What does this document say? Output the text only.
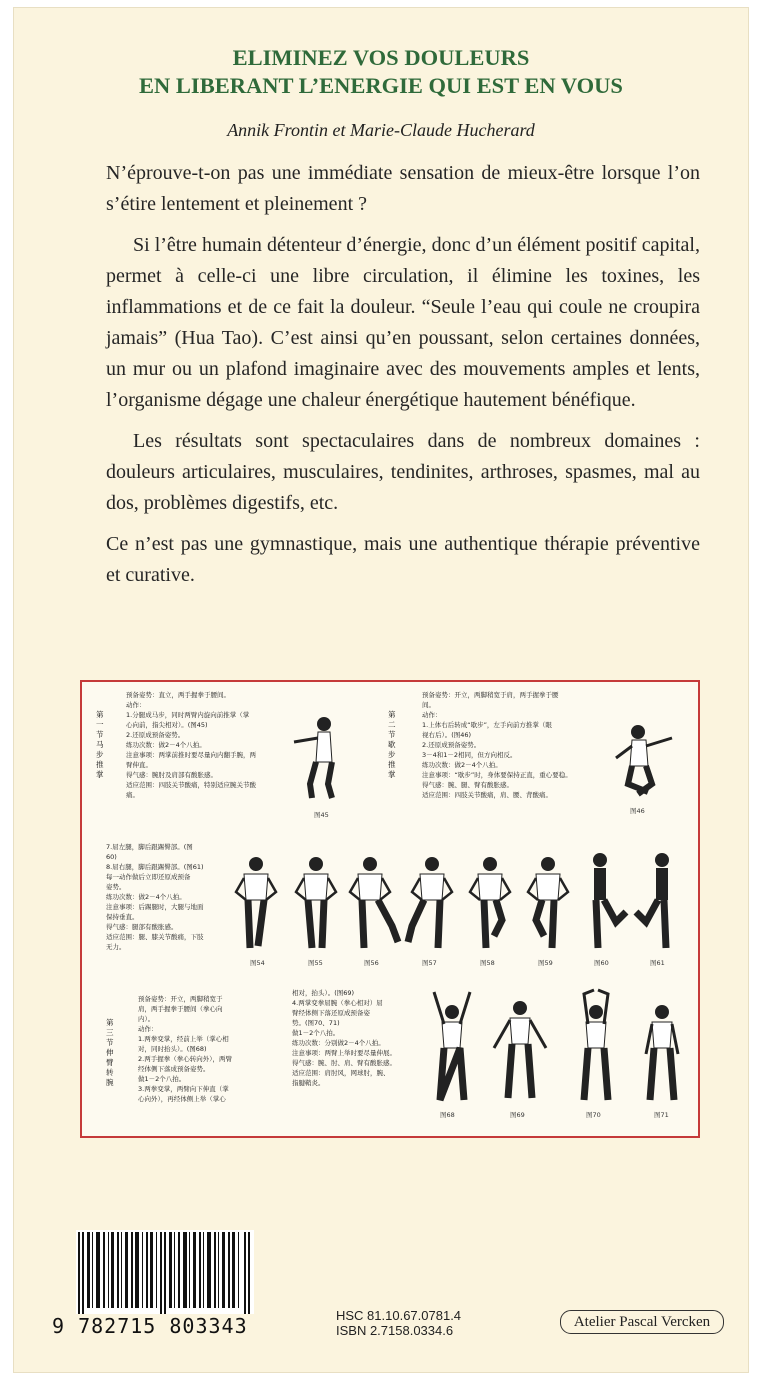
ELIMINEZ VOS DOULEURS
EN LIBERANT L’ENERGIE QUI EST EN VOUS
Annik Frontin et Marie-Claude Hucherard

N’éprouve-t-on pas une immédiate sensation de mieux-être lorsque l’on s’étire lentement et pleinement ?

Si l’être humain détenteur d’énergie, donc d’un élément positif capital, permet à celle-ci une libre circulation, il élimine les toxines, les inflammations et de ce fait la douleur. “Seule l’eau qui coule ne croupira jamais” (Hua Tao). C’est ainsi qu’en poussant, selon certaines données, un mur ou un plafond imaginaire avec des mouvements amples et lents, l’organisme dégage une chaleur énergétique hautement bénéfique.

Les résultats sont spectaculaires dans de nombreux domaines : douleurs articulaires, musculaires, tendinites, arthroses, spasmes, mal au dos, problèmes digestifs, etc.

Ce n’est pas une gymnastique, mais une authentique thérapie préventive et curative.

第一节 马步推掌
预备姿势：直立，两手握拳于腰间。
动作：
1.分腿成马步，同时两臂内旋向前推掌（掌
心向前，指尖相对）。(图45)
2.还原成预备姿势。
练功次数：做2－4个八拍。
注意事项：两掌前推时要尽量向内翻手腕，两
臂伸直。
得气感：腕肘及肩部有酸胀感。
适应范围：四肢关节酸痛，特别适应腕关节酸
痛。
图45
第二节 歇步推掌
预备姿势：开立，两脚稍宽于肩，两手握拳于腰
间。
动作：
1.上体右后转成“歇步”，左手向前方推掌（眼
视右后）。(图46)
2.还原成预备姿势。
3－4和1－2相同，但方向相反。
练功次数：做2－4个八拍。
注意事项：“歇步”时，身体要保持正直，重心要稳。
得气感：腕、腿、臂有酸胀感。
适应范围：四肢关节酸痛，肩、腰、背酸痛。
图46
7.屈左腿，脚后跟踢臀部。(图
60)
8.屈右腿，脚后跟踢臀部。(图61)
每一动作做后立即还原成预备
姿势。
练功次数：做2－4个八拍。
注意事项：后踢腿时，大腿与地面
保持垂直。
得气感：腿部有酸胀感。
适应范围：腿、膝关节酸痛，下肢
无力。
图54	图55	图56	图57	图58	图59	图60	图61
第三节 伸臂转腕
预备姿势：开立，两脚稍宽于
肩，两手握拳于腰间（拳心向
内）。
动作：
1.两拳变掌，经前上举（掌心相
对，同时抬头）。(图68)
2.两手握拳（拳心转向外），两臂
经体侧下落成预备姿势。
做1－2个八拍。
3.两拳变掌，两臂向下伸直（掌
心向外），再经体侧上举（掌心
相对，抬头）。(图69)
4.两掌变拳屈腕（拳心相对）屈
臂经体侧下落还原成预备姿
势。(图70、71)
做1－2个八拍。
练功次数：分别做2－4个八拍。
注意事项：两臂上举时要尽量伸展。
得气感：腕、肘、肩、臂有酸胀感。
适应范围：肩肘风，网球肘，腕、
指腱鞘炎。
图68	图69	图70	图71
9 782715 803343	HSC 81.10.67.0781.4
ISBN 2.7158.0334.6
Atelier Pascal Vercken
